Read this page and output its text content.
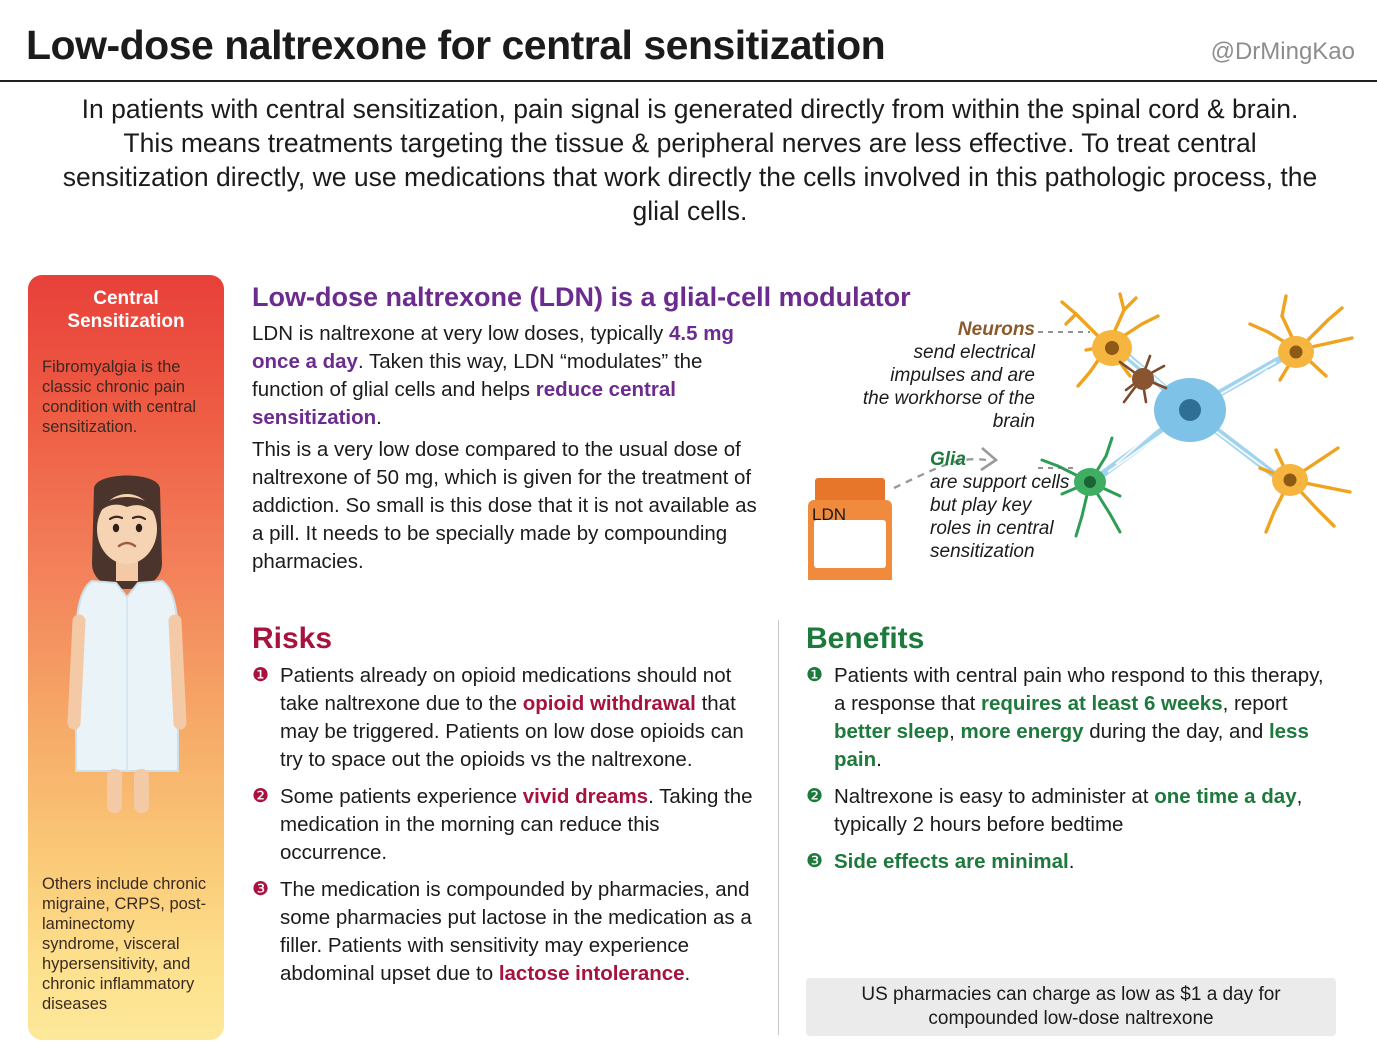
Low-dose naltrexone for central sensitization	@DrMingKao
In patients with central sensitization, pain signal is generated directly from within the spinal cord & brain. This means treatments targeting the tissue & peripheral nerves are less effective. To treat central sensitization directly, we use medications that work directly the cells involved in this pathologic process, the glial cells.
Central Sensitization

Fibromyalgia is the classic chronic pain condition with central sensitization.

Others include chronic migraine, CRPS, post-laminectomy syndrome, visceral hypersensitivity, and chronic inflammatory diseases

Low-dose naltrexone (LDN) is a glial-cell modulator
LDN is naltrexone at very low doses, typically 4.5 mg once a day. Taken this way, LDN “modulates” the function of glial cells and helps reduce central sensitization.
This is a very low dose compared to the usual dose of naltrexone of 50 mg, which is given for the treatment of addiction. So small is this dose that it is not available as a pill. It needs to be specially made by compounding pharmacies.
Neurons
send electrical impulses and are the workhorse of the brain
Glia
are support cells but play key roles in central sensitization
LDN
Risks
❶ Patients already on opioid medications should not take naltrexone due to the opioid withdrawal that may be triggered. Patients on low dose opioids can try to space out the opioids vs the naltrexone.
❷ Some patients experience vivid dreams. Taking the medication in the morning can reduce this occurrence.
❸ The medication is compounded by pharmacies, and some pharmacies put lactose in the medication as a filler. Patients with sensitivity may experience abdominal upset due to lactose intolerance.
Benefits
❶ Patients with central pain who respond to this therapy, a response that requires at least 6 weeks, report better sleep, more energy during the day, and less pain.
❷ Naltrexone is easy to administer at one time a day, typically 2 hours before bedtime
❸ Side effects are minimal.
US pharmacies can charge as low as $1 a day for compounded low-dose naltrexone
